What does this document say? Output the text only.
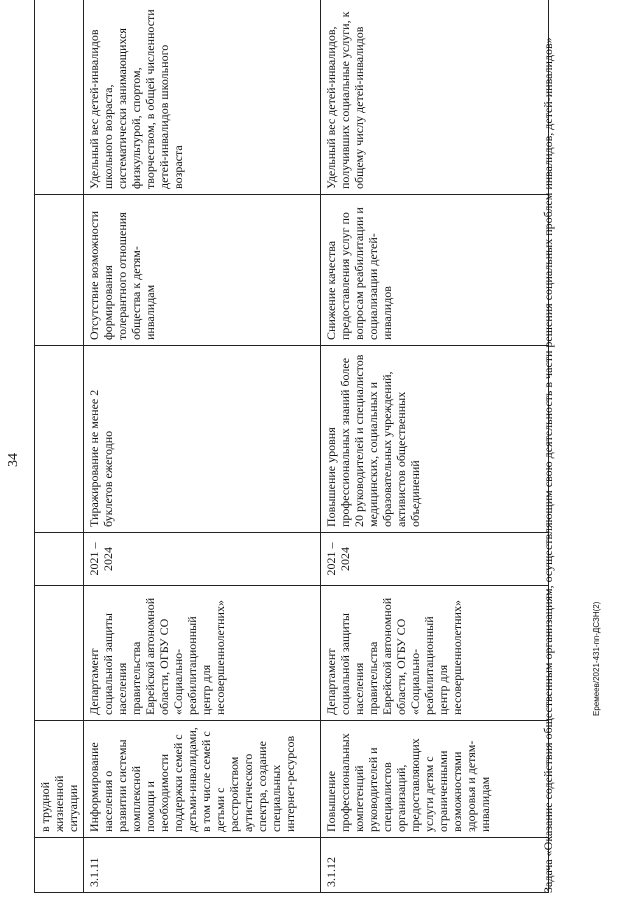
34
	в трудной жизненной ситуации					
3.1.11	Информирование населения о развитии системы комплексной помощи и необходимости поддержки семей с детьми-инвалидами, в том числе семей с детьми с расстройством аутистического спектра, создание специальных интернет-ресурсов	Департамент социальной защиты населения правительства Еврейской автономной области, ОГБУ СО «Социально-реабилитационный центр для несовершеннолетних»	2021 – 2024	Тиражирование не менее 2 буклетов ежегодно	Отсутствие возможности формирования толерантного отношения общества к детям-инвалидам	Удельный вес детей-инвалидов школьного возраста, систематически занимающихся физкультурой, спортом, творчеством, в общей численности детей-инвалидов школьного возраста
3.1.12	Повышение профессиональных компетенций руководителей и специалистов организаций, предоставляющих услуги детям с ограниченными возможностями здоровья и детям-инвалидам	Департамент социальной защиты населения правительства Еврейской автономной области, ОГБУ СО «Социально-реабилитационный центр для несовершеннолетних»	2021 – 2024	Повышение уровня профессиональных знаний более 20 руководителей и специалистов медицинских, социальных и образовательных учреждений, активистов общественных объединений	Снижение качества предоставления услуг по вопросам реабилитации и социализации детей-инвалидов	Удельный вес детей-инвалидов, получивших социальные услуги, к общему числу детей-инвалидов	Задача «Оказание содействия общественным организациям, осуществляющим свою деятельность в части решения социальных проблем инвалидов, детей-инвалидов»	Еремеев/2021-431-пп-ДСЗН(2)
